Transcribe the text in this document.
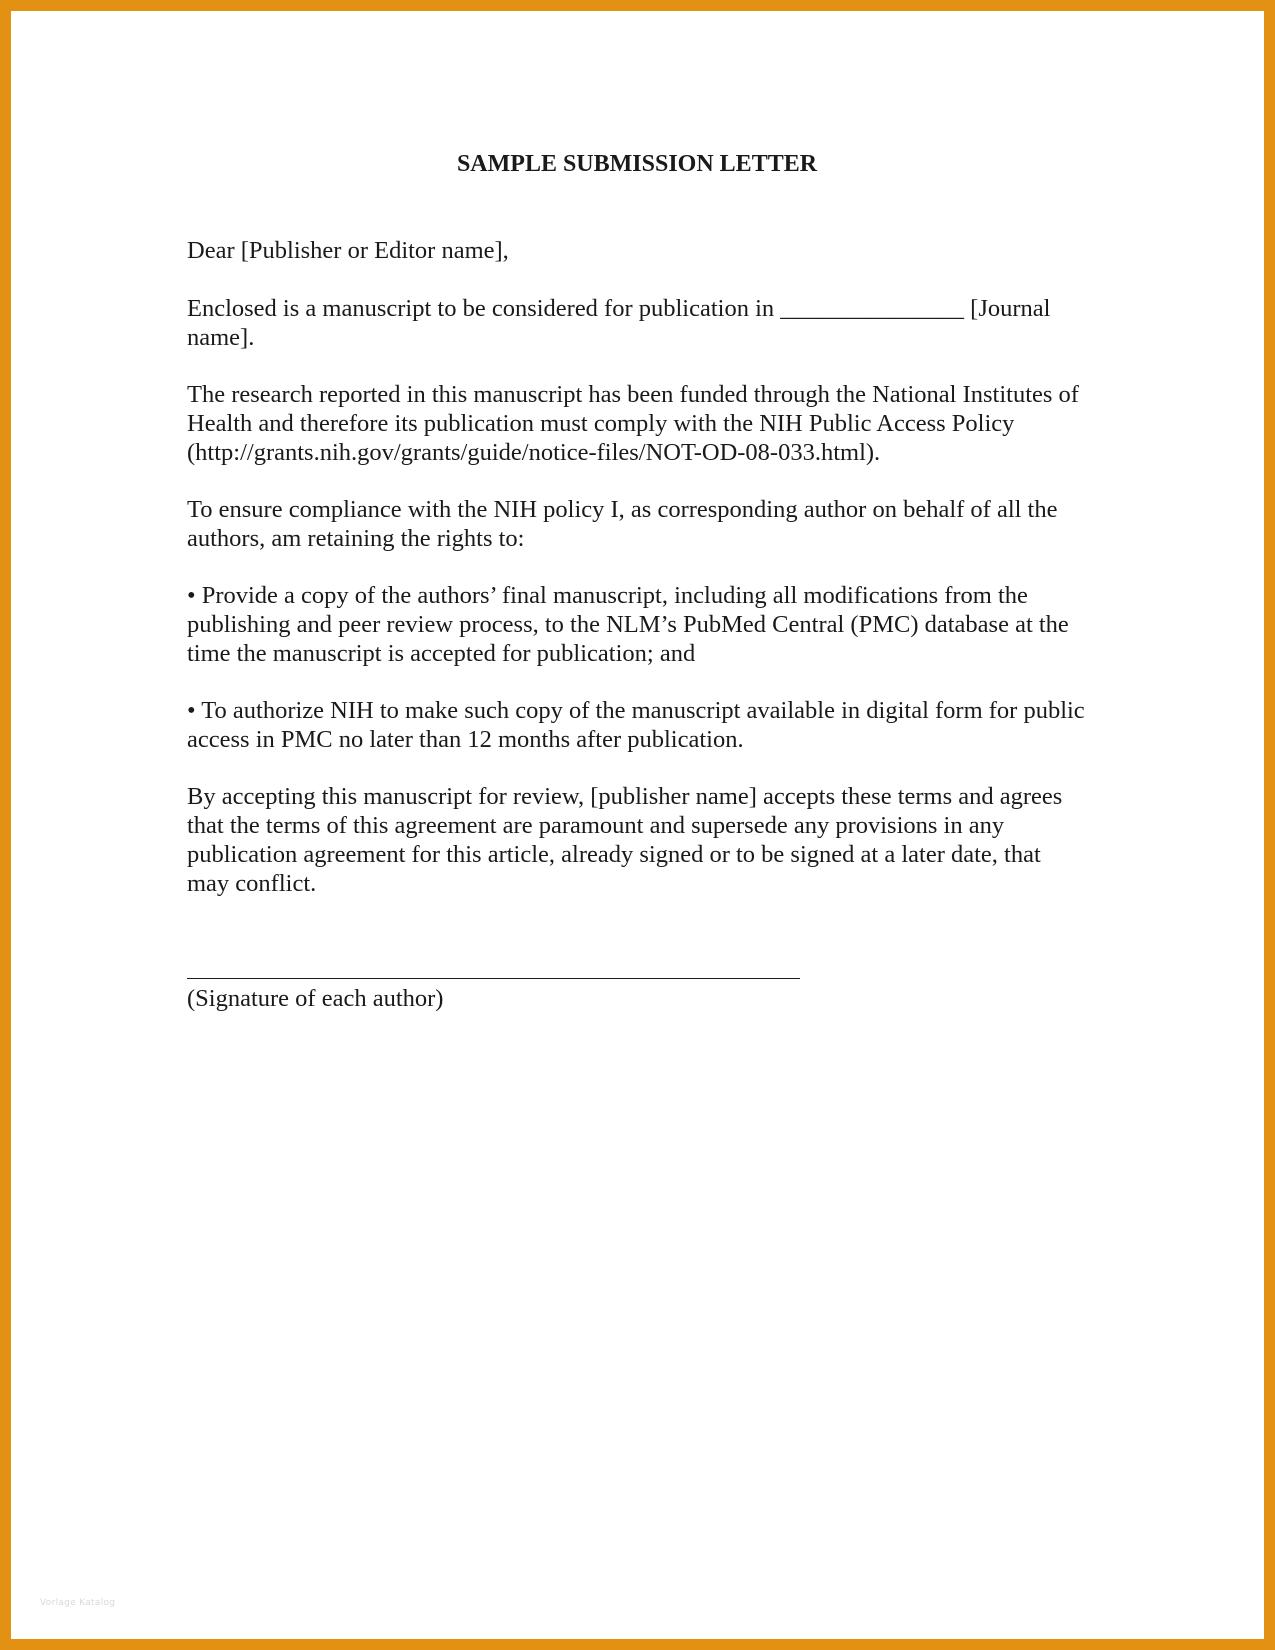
SAMPLE SUBMISSION LETTER

Dear [Publisher or Editor name],

Enclosed is a manuscript to be considered for publication in _______________ [Journal name].

The research reported in this manuscript has been funded through the National Institutes of Health and therefore its publication must comply with the NIH Public Access Policy (http://grants.nih.gov/grants/guide/notice-files/NOT-OD-08-033.html).

To ensure compliance with the NIH policy I, as corresponding author on behalf of all the authors, am retaining the rights to:

• Provide a copy of the authors’ final manuscript, including all modifications from the publishing and peer review process, to the NLM’s PubMed Central (PMC) database at the time the manuscript is accepted for publication; and

• To authorize NIH to make such copy of the manuscript available in digital form for public access in PMC no later than 12 months after publication.

By accepting this manuscript for review, [publisher name] accepts these terms and agrees that the terms of this agreement are paramount and supersede any provisions in any publication agreement for this article, already signed or to be signed at a later date, that may conflict.

(Signature of each author)

Vorlage Katalog
